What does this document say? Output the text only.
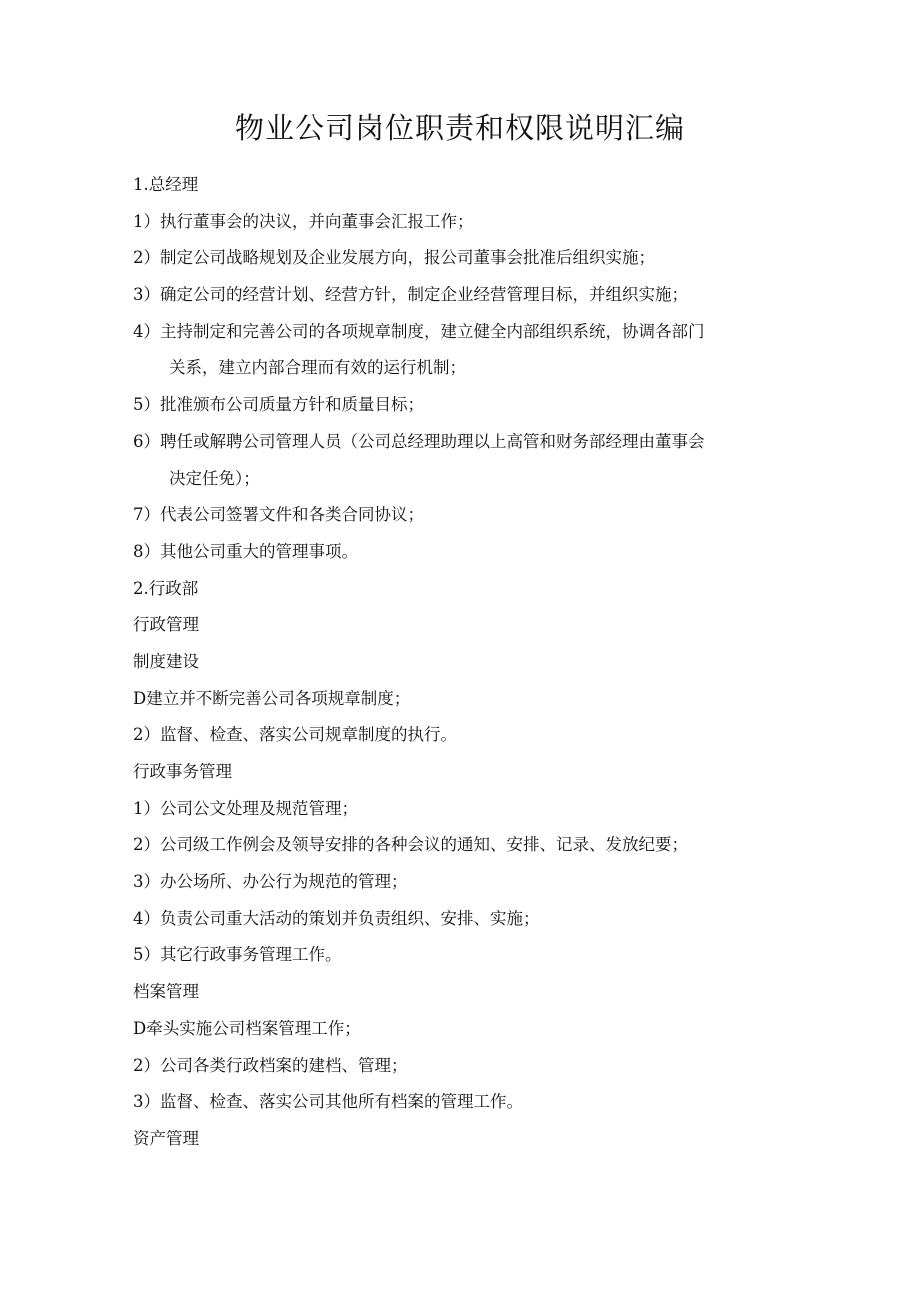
物业公司岗位职责和权限说明汇编

1.总经理

1）执行董事会的决议，并向董事会汇报工作；

2）制定公司战略规划及企业发展方向，报公司董事会批准后组织实施；

3）确定公司的经营计划、经营方针，制定企业经营管理目标，并组织实施；

4）主持制定和完善公司的各项规章制度，建立健全内部组织系统，协调各部门

关系，建立内部合理而有效的运行机制；

5）批准颁布公司质量方针和质量目标；

6）聘任或解聘公司管理人员（公司总经理助理以上高管和财务部经理由董事会

决定任免）；

7）代表公司签署文件和各类合同协议；

8）其他公司重大的管理事项。

2.行政部

行政管理

制度建设

D建立并不断完善公司各项规章制度；

2）监督、检查、落实公司规章制度的执行。

行政事务管理

1）公司公文处理及规范管理；

2）公司级工作例会及领导安排的各种会议的通知、安排、记录、发放纪要；

3）办公场所、办公行为规范的管理；

4）负责公司重大活动的策划并负责组织、安排、实施；

5）其它行政事务管理工作。

档案管理

D牵头实施公司档案管理工作；

2）公司各类行政档案的建档、管理；

3）监督、检查、落实公司其他所有档案的管理工作。

资产管理
